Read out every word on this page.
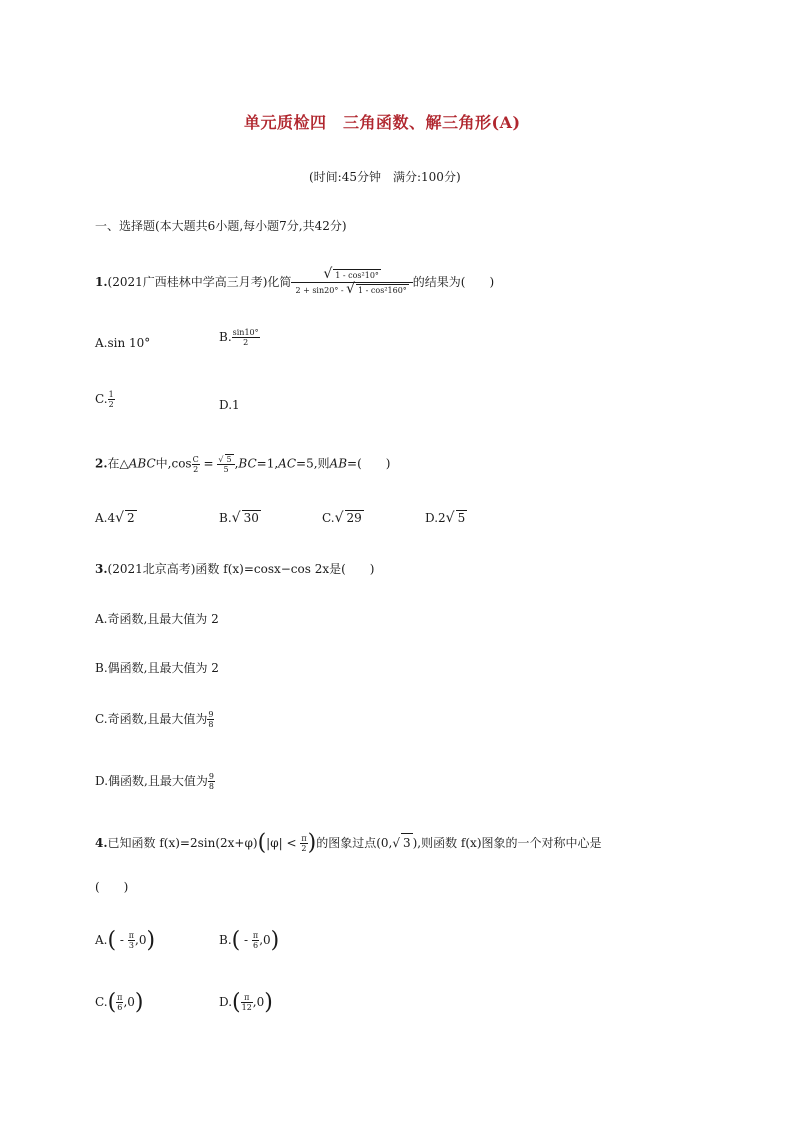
单元质检四　三角函数、解三角形(A)
(时间:45分钟　满分:100分)
一、选择题(本大题共6小题,每小题7分,共42分)
1.(2021广西桂林中学高三月考)化简 $\frac{\text{√ 1 - cos²10°}}{\text{2 + sin20° - √ 1 - cos²160°}}$ 的结果为(　　)
A.sin 10°	B. $\frac{\sin 10^\circ}{2}$
C. $\frac{1}{2}$	D.1
2.在△ABC中$,\cos \frac{C}{2} = \frac{√ 5}{5} ,BC=1,AC=5$,则AB=(　　)
A.4√ 2	B.√ 30	C.√ 29	D.2√ 5
3.(2021北京高考)函数 f(x)=cosx−cos 2x是(　　)
A.奇函数,且最大值为 2
B.偶函数,且最大值为 2
C.奇函数,且最大值为 $\frac{9}{8}$
D.偶函数,且最大值为 $\frac{9}{8}$
4.已知函数 $f(x)=2\sin(2x+\varphi)(|\varphi| < \frac{\pi}{2}$ )的图象过点(0,√ 3 ),则函数 f(x)图象的一个对称中心是
(　　)
$A.( - \frac{\pi}{3} ,0)$	$B.( - \frac{\pi}{6} ,0)$
$C.( \frac{\pi}{6} ,0)$	$D.( \frac{\pi}{12} ,0)$
